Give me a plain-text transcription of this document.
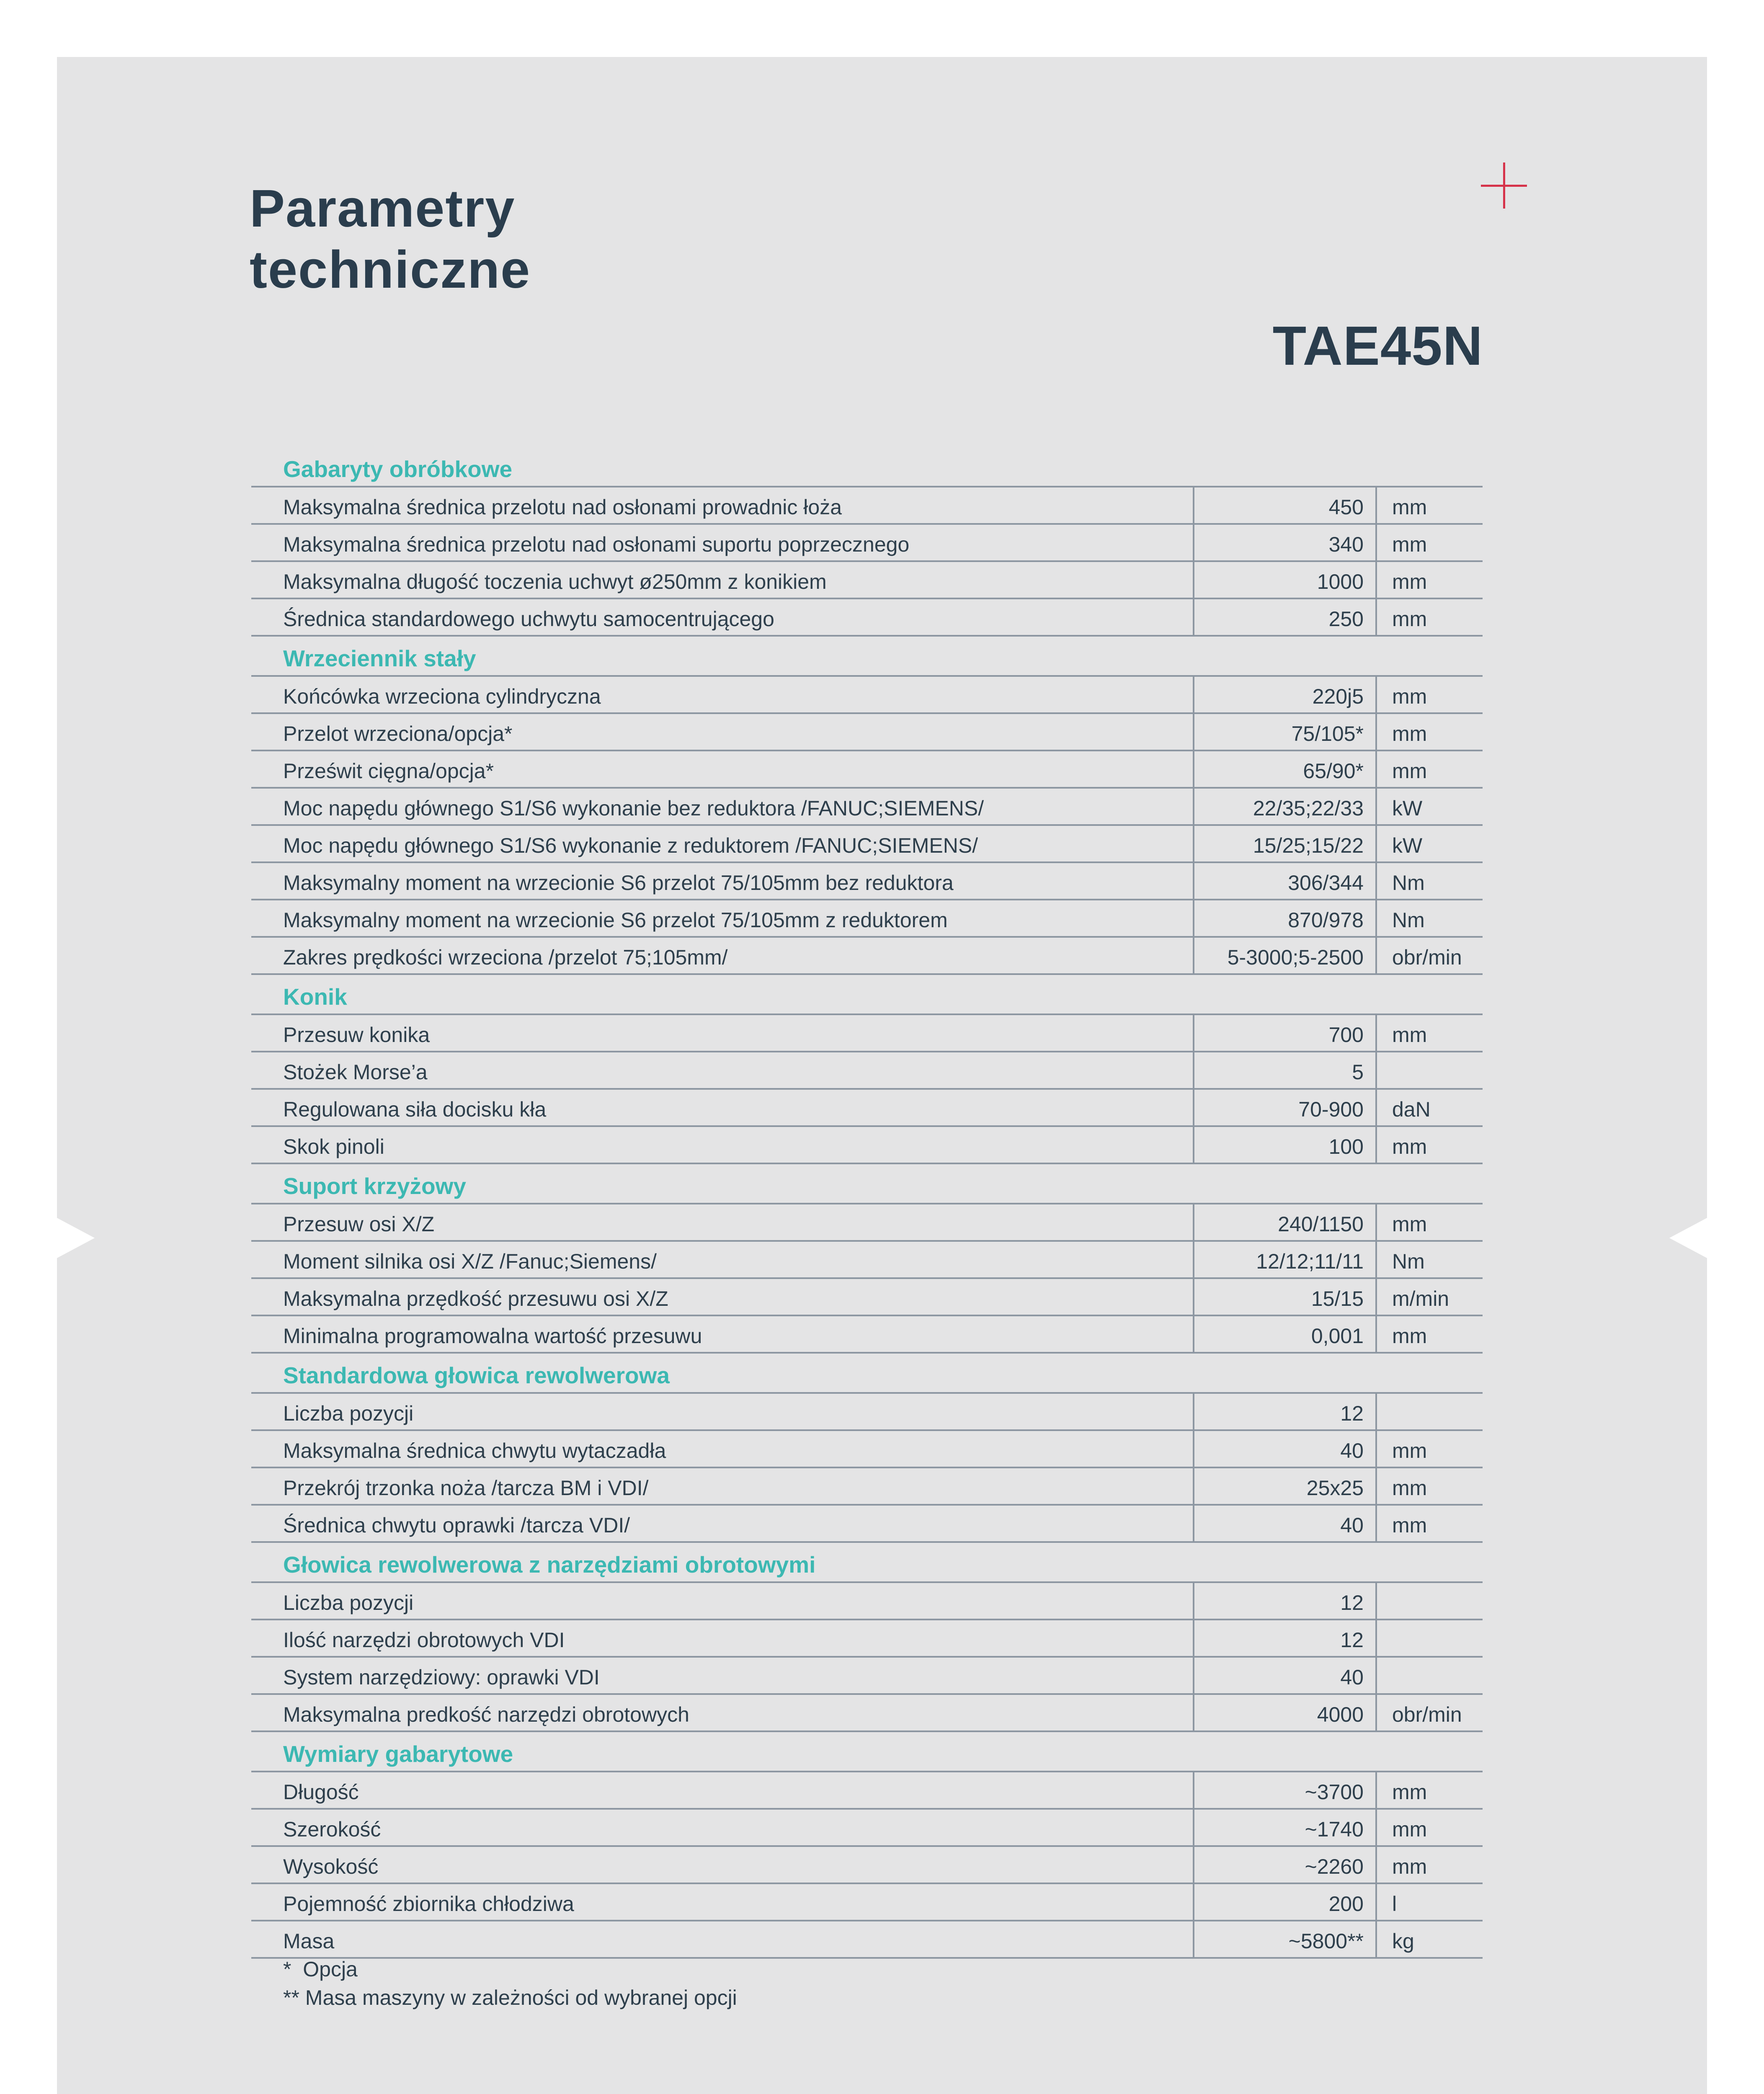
Parametry
techniczne
TAE45N
Gabaryty obróbkowe
Maksymalna średnica przelotu nad osłonami prowadnic łoża	450	mm
Maksymalna średnica przelotu nad osłonami suportu poprzecznego	340	mm
Maksymalna długość toczenia uchwyt ø250mm z konikiem	1000	mm
Średnica standardowego uchwytu samocentrującego	250	mm
Wrzeciennik stały
Końcówka wrzeciona cylindryczna	220j5	mm
Przelot wrzeciona/opcja*	75/105*	mm
Prześwit cięgna/opcja*	65/90*	mm
Moc napędu głównego S1/S6 wykonanie bez reduktora /FANUC;SIEMENS/	22/35;22/33	kW
Moc napędu głównego S1/S6 wykonanie z reduktorem /FANUC;SIEMENS/	15/25;15/22	kW
Maksymalny moment na wrzecionie S6 przelot 75/105mm bez reduktora	306/344	Nm
Maksymalny moment na wrzecionie S6 przelot 75/105mm z reduktorem	870/978	Nm
Zakres prędkości wrzeciona /przelot 75;105mm/	5-3000;5-2500	obr/min
Konik
Przesuw konika	700	mm
Stożek Morse’a	5
Regulowana siła docisku kła	70-900	daN
Skok pinoli	100	mm
Suport krzyżowy
Przesuw osi X/Z	240/1150	mm
Moment silnika osi X/Z /Fanuc;Siemens/	12/12;11/11	Nm
Maksymalna przędkość przesuwu osi X/Z	15/15	m/min
Minimalna programowalna wartość przesuwu	0,001	mm
Standardowa głowica rewolwerowa
Liczba pozycji	12
Maksymalna średnica chwytu wytaczadła	40	mm
Przekrój trzonka noża /tarcza BM i VDI/	25x25	mm
Średnica chwytu oprawki /tarcza VDI/	40	mm
Głowica rewolwerowa z narzędziami obrotowymi
Liczba pozycji	12
Ilość narzędzi obrotowych VDI	12
System narzędziowy: oprawki VDI	40
Maksymalna predkość narzędzi obrotowych	4000	obr/min
Wymiary gabarytowe
Długość	~3700	mm
Szerokość	~1740	mm
Wysokość	~2260	mm
Pojemność zbiornika chłodziwa	200	l
Masa	~5800**	kg
*  Opcja
** Masa maszyny w zależności od wybranej opcji
